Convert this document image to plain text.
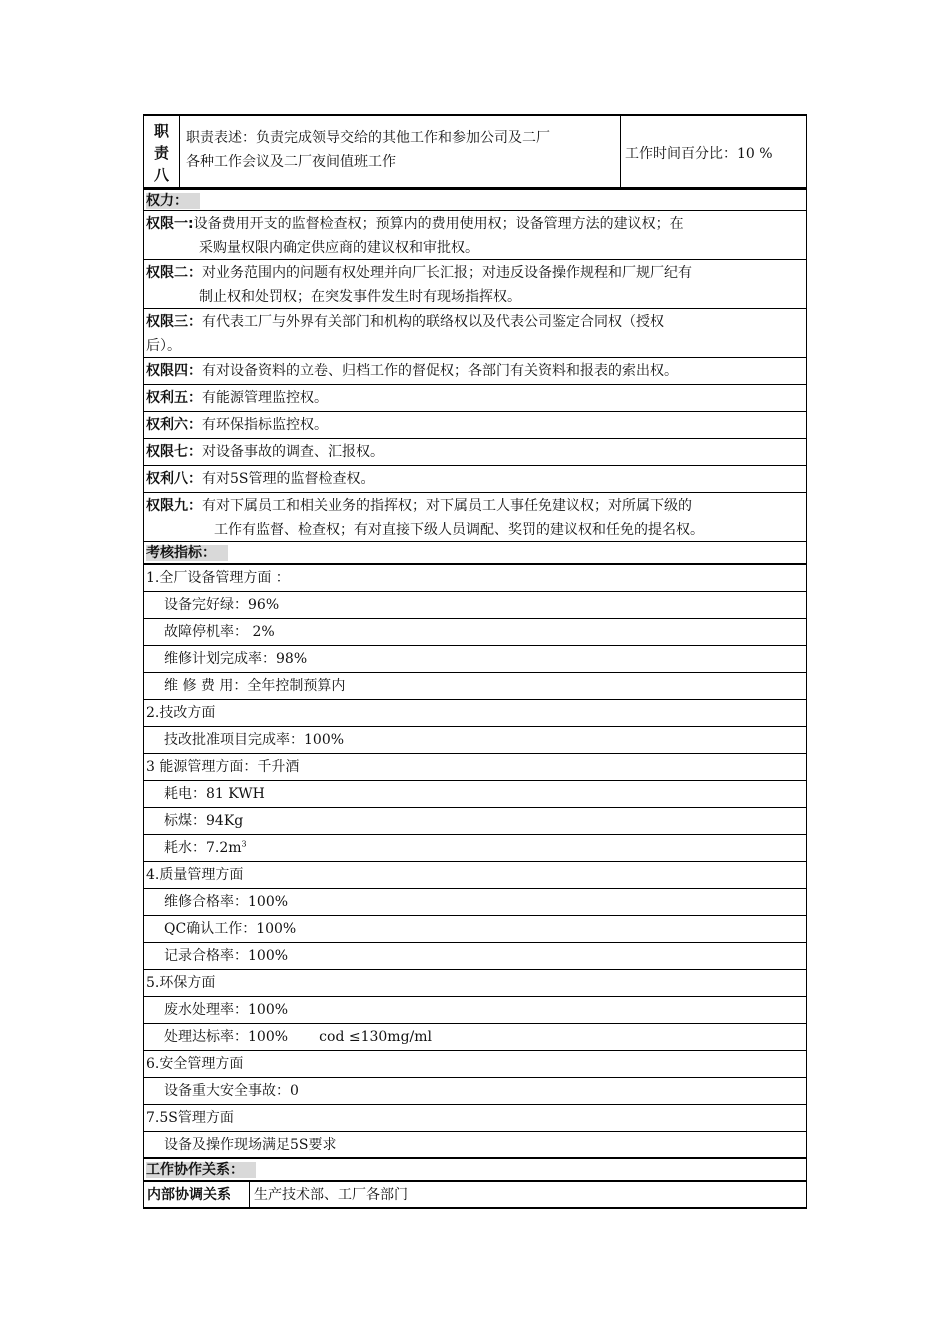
职
责
八
职责表述：负责完成领导交给的其他工作和参加公司及二厂
各种工作会议及二厂夜间值班工作	工作时间百分比：10 %
权力：
权限一:设备费用开支的监督检查权；预算内的费用使用权；设备管理方法的建议权；在
采购量权限内确定供应商的建议权和审批权。
权限二：对业务范围内的问题有权处理并向厂长汇报；对违反设备操作规程和厂规厂纪有
制止权和处罚权；在突发事件发生时有现场指挥权。
权限三：有代表工厂与外界有关部门和机构的联络权以及代表公司鉴定合同权（授权
后）。
权限四：有对设备资料的立卷、归档工作的督促权；各部门有关资料和报表的索出权。
权利五：有能源管理监控权。
权利六：有环保指标监控权。
权限七：对设备事故的调查、汇报权。
权利八：有对5S管理的监督检查权。
权限九：有对下属员工和相关业务的指挥权；对下属员工人事任免建议权；对所属下级的
工作有监督、检查权；有对直接下级人员调配、奖罚的建议权和任免的提名权。
考核指标：
1.全厂设备管理方面 ：
设备完好绿：96%
故障停机率： 2%
维修计划完成率：98%
维 修 费 用：全年控制预算内
2.技改方面
技改批准项目完成率：100%
3 能源管理方面：千升酒
耗电：81 KWH
标煤：94Kg
耗水：$7.2m^3$
4.质量管理方面
维修合格率：100%
QC确认工作：100%
记录合格率：100%
5.环保方面
废水处理率：100%
处理达标率：100%       cod ≤130mg/ml
6.安全管理方面
设备重大安全事故：0
7.5S管理方面
设备及操作现场满足5S要求
工作协作关系：
内部协调关系	生产技术部、工厂各部门
